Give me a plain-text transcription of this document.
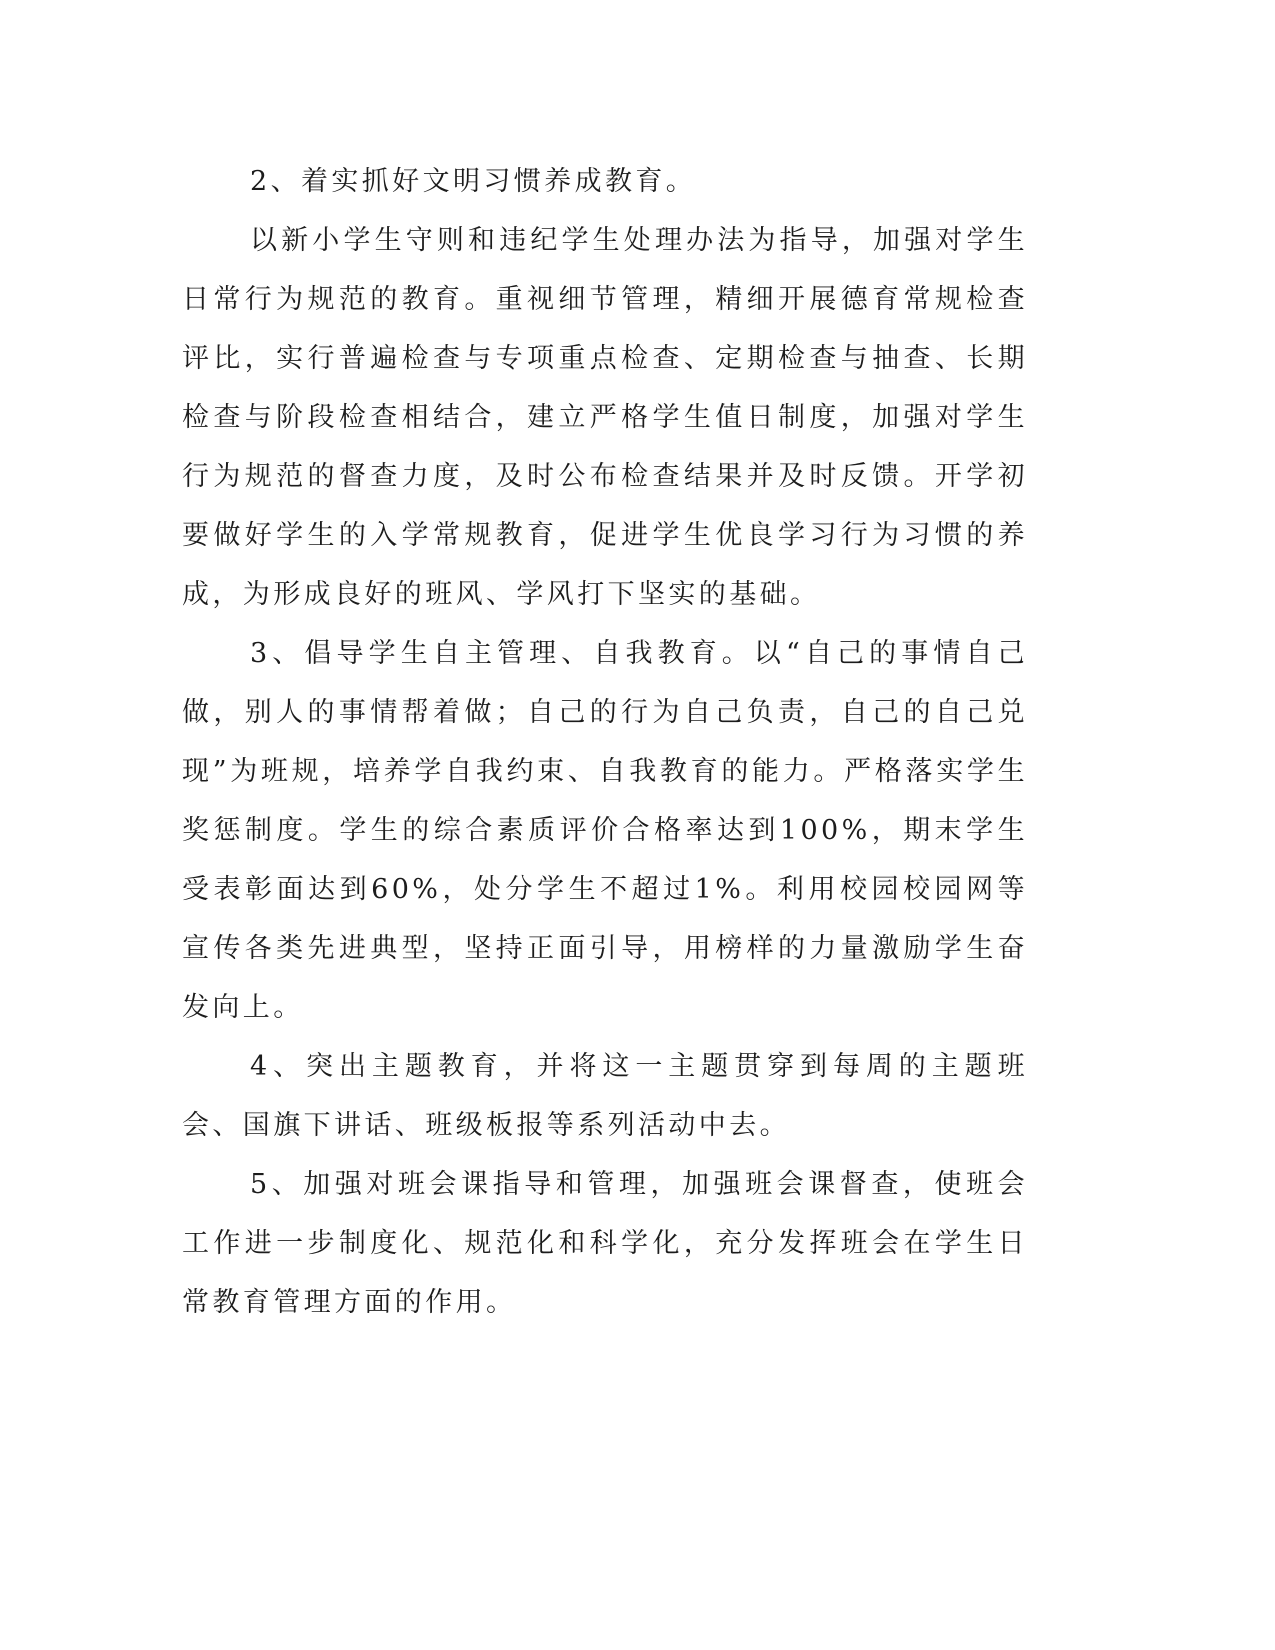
2、着实抓好文明习惯养成教育。

以新小学生守则和违纪学生处理办法为指导，加强对学生日常行为规范的教育。重视细节管理，精细开展德育常规检查评比，实行普遍检查与专项重点检查、定期检查与抽查、长期检查与阶段检查相结合，建立严格学生值日制度，加强对学生行为规范的督查力度，及时公布检查结果并及时反馈。开学初要做好学生的入学常规教育，促进学生优良学习行为习惯的养成，为形成良好的班风、学风打下坚实的基础。

3、倡导学生自主管理、自我教育。以“自己的事情自己做，别人的事情帮着做；自己的行为自己负责，自己的自己兑现”为班规，培养学自我约束、自我教育的能力。严格落实学生奖惩制度。学生的综合素质评价合格率达到100%，期末学生受表彰面达到60%，处分学生不超过1%。利用校园校园网等宣传各类先进典型，坚持正面引导，用榜样的力量激励学生奋发向上。

4、突出主题教育，并将这一主题贯穿到每周的主题班会、国旗下讲话、班级板报等系列活动中去。

5、加强对班会课指导和管理，加强班会课督查，使班会工作进一步制度化、规范化和科学化，充分发挥班会在学生日常教育管理方面的作用。
